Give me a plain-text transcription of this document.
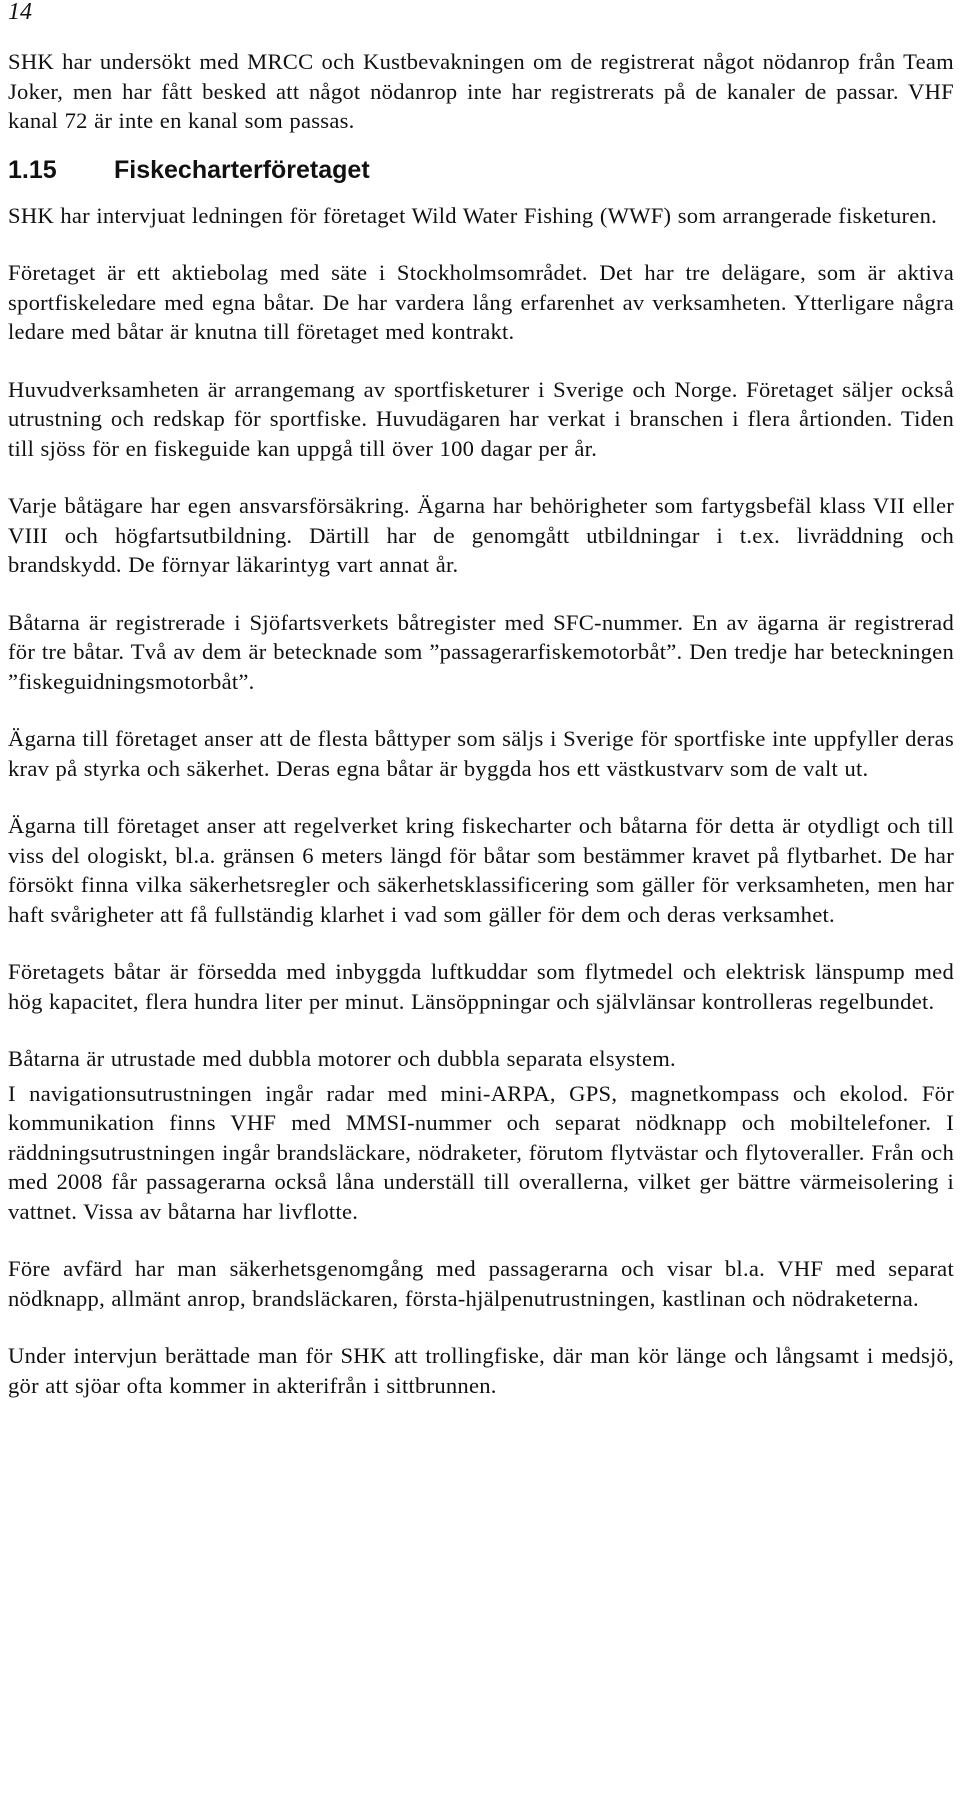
14

SHK har undersökt med MRCC och Kustbevakningen om de registrerat något nödanrop från Team Joker, men har fått besked att något nödanrop inte har registrerats på de kanaler de passar. VHF kanal 72 är inte en kanal som passas.

1.15	Fiskecharterföretaget

SHK har intervjuat ledningen för företaget Wild Water Fishing (WWF) som arrangerade fisketuren.

Företaget är ett aktiebolag med säte i Stockholmsområdet. Det har tre delägare, som är aktiva sportfiskeledare med egna båtar. De har vardera lång erfarenhet av verksamheten. Ytterligare några ledare med båtar är knutna till företaget med kontrakt.

Huvudverksamheten är arrangemang av sportfisketurer i Sverige och Norge. Företaget säljer också utrustning och redskap för sportfiske. Huvudägaren har verkat i branschen i flera årtionden. Tiden till sjöss för en fiskeguide kan uppgå till över 100 dagar per år.

Varje båtägare har egen ansvarsförsäkring. Ägarna har behörigheter som fartygsbefäl klass VII eller VIII och högfartsutbildning. Därtill har de genomgått utbildningar i t.ex. livräddning och brandskydd. De förnyar läkarintyg vart annat år.

Båtarna är registrerade i Sjöfartsverkets båtregister med SFC-nummer. En av ägarna är registrerad för tre båtar. Två av dem är betecknade som ”passagerarfiskemotorbåt”. Den tredje har beteckningen ”fiskeguidningsmotorbåt”.

Ägarna till företaget anser att de flesta båttyper som säljs i Sverige för sportfiske inte uppfyller deras krav på styrka och säkerhet. Deras egna båtar är byggda hos ett västkustvarv som de valt ut.

Ägarna till företaget anser att regelverket kring fiskecharter och båtarna för detta är otydligt och till viss del ologiskt, bl.a. gränsen 6 meters längd för båtar som bestämmer kravet på flytbarhet. De har försökt finna vilka säkerhetsregler och säkerhetsklassificering som gäller för verksamheten, men har haft svårigheter att få fullständig klarhet i vad som gäller för dem och deras verksamhet.

Företagets båtar är försedda med inbyggda luftkuddar som flytmedel och elektrisk länspump med hög kapacitet, flera hundra liter per minut. Länsöppningar och självlänsar kontrolleras regelbundet.

Båtarna är utrustade med dubbla motorer och dubbla separata elsystem.

I navigationsutrustningen ingår radar med mini-ARPA, GPS, magnetkompass och ekolod. För kommunikation finns VHF med MMSI-nummer och separat nödknapp och mobiltelefoner. I räddningsutrustningen ingår brandsläckare, nödraketer, förutom flytvästar och flytoveraller. Från och med 2008 får passagerarna också låna underställ till overallerna, vilket ger bättre värmeisolering i vattnet. Vissa av båtarna har livflotte.

Före avfärd har man säkerhetsgenomgång med passagerarna och visar bl.a. VHF med separat nödknapp, allmänt anrop, brandsläckaren, första-hjälpenutrustningen, kastlinan och nödraketerna.

Under intervjun berättade man för SHK att trollingfiske, där man kör länge och långsamt i medsjö, gör att sjöar ofta kommer in akterifrån i sittbrunnen.
